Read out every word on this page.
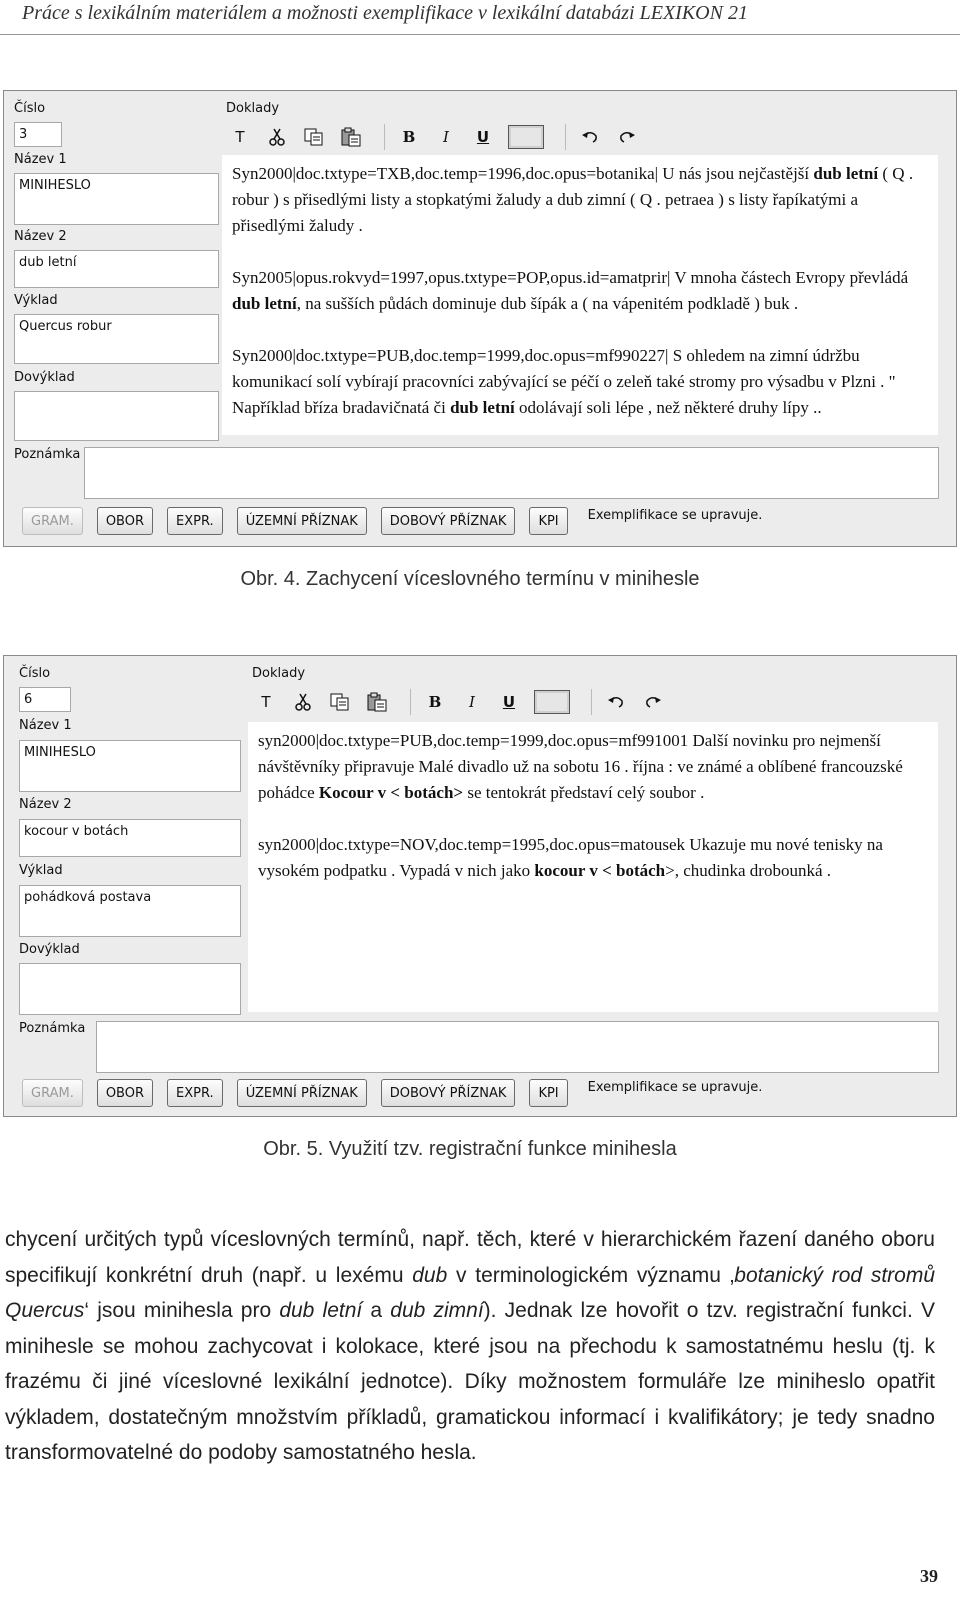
Práce s lexikálním materiálem a možnosti exemplifikace v lexikální databázi LEXIKON 21
Číslo
3
Název 1
MINIHESLO
Název 2
dub letní
Výklad
Quercus robur
Dovýklad
Poznámka
Doklady
T	B	I	U

Syn2000|doc.txtype=TXB,doc.temp=1996,doc.opus=botanika| U nás jsou nejčastější dub letní ( Q . robur ) s přisedlými listy a stopkatými žaludy a dub zimní ( Q . petraea ) s listy řapíkatými a přisedlými žaludy .

Syn2005|opus.rokvyd=1997,opus.txtype=POP,opus.id=amatprir| V mnoha částech Evropy převládá dub letní, na sušších půdách dominuje dub šípák a ( na vápenitém podkladě ) buk .

Syn2000|doc.txtype=PUB,doc.temp=1999,doc.opus=mf990227| S ohledem na zimní údržbu komunikací solí vybírají pracovníci zabývající se péčí o zeleň také stromy pro výsadbu v Plzni . " Například bříza bradavičnatá či dub letní odolávají soli lépe , než některé druhy lípy ..

GRAM.	OBOR	EXPR.	ÚZEMNÍ PŘÍZNAK	DOBOVÝ PŘÍZNAK	KPI	Exemplifikace se upravuje.
Obr. 4. Zachycení víceslovného termínu v minihesle
Číslo
6
Název 1
MINIHESLO
Název 2
kocour v botách
Výklad
pohádková postava
Dovýklad
Poznámka
Doklady
T	B	I	U

syn2000|doc.txtype=PUB,doc.temp=1999,doc.opus=mf991001 Další novinku pro nejmenší návštěvníky připravuje Malé divadlo už na sobotu 16 . října : ve známé a oblíbené francouzské pohádce Kocour v < botách> se tentokrát představí celý soubor .

syn2000|doc.txtype=NOV,doc.temp=1995,doc.opus=matousek Ukazuje mu nové tenisky na vysokém podpatku . Vypadá v nich jako kocour v < botách>, chudinka drobounká .

GRAM.	OBOR	EXPR.	ÚZEMNÍ PŘÍZNAK	DOBOVÝ PŘÍZNAK	KPI	Exemplifikace se upravuje.
Obr. 5. Využití tzv. registrační funkce minihesla
chycení určitých typů víceslovných termínů, např. těch, které v hierarchickém řazení daného oboru specifikují konkrétní druh (např. u lexému dub v terminologickém významu ‚botanický rod stromů Quercus‘ jsou minihesla pro dub letní a dub zimní). Jednak lze hovořit o tzv. registrační funkci. V minihesle se mohou zachycovat i kolokace, které jsou na přechodu k samostatnému heslu (tj. k frazému či jiné víceslovné lexikální jednotce). Díky možnostem formuláře lze miniheslo opatřit výkladem, dostatečným množstvím příkladů, gramatickou informací i kvalifikátory; je tedy snadno transformovatelné do podoby samostatného hesla.
39
